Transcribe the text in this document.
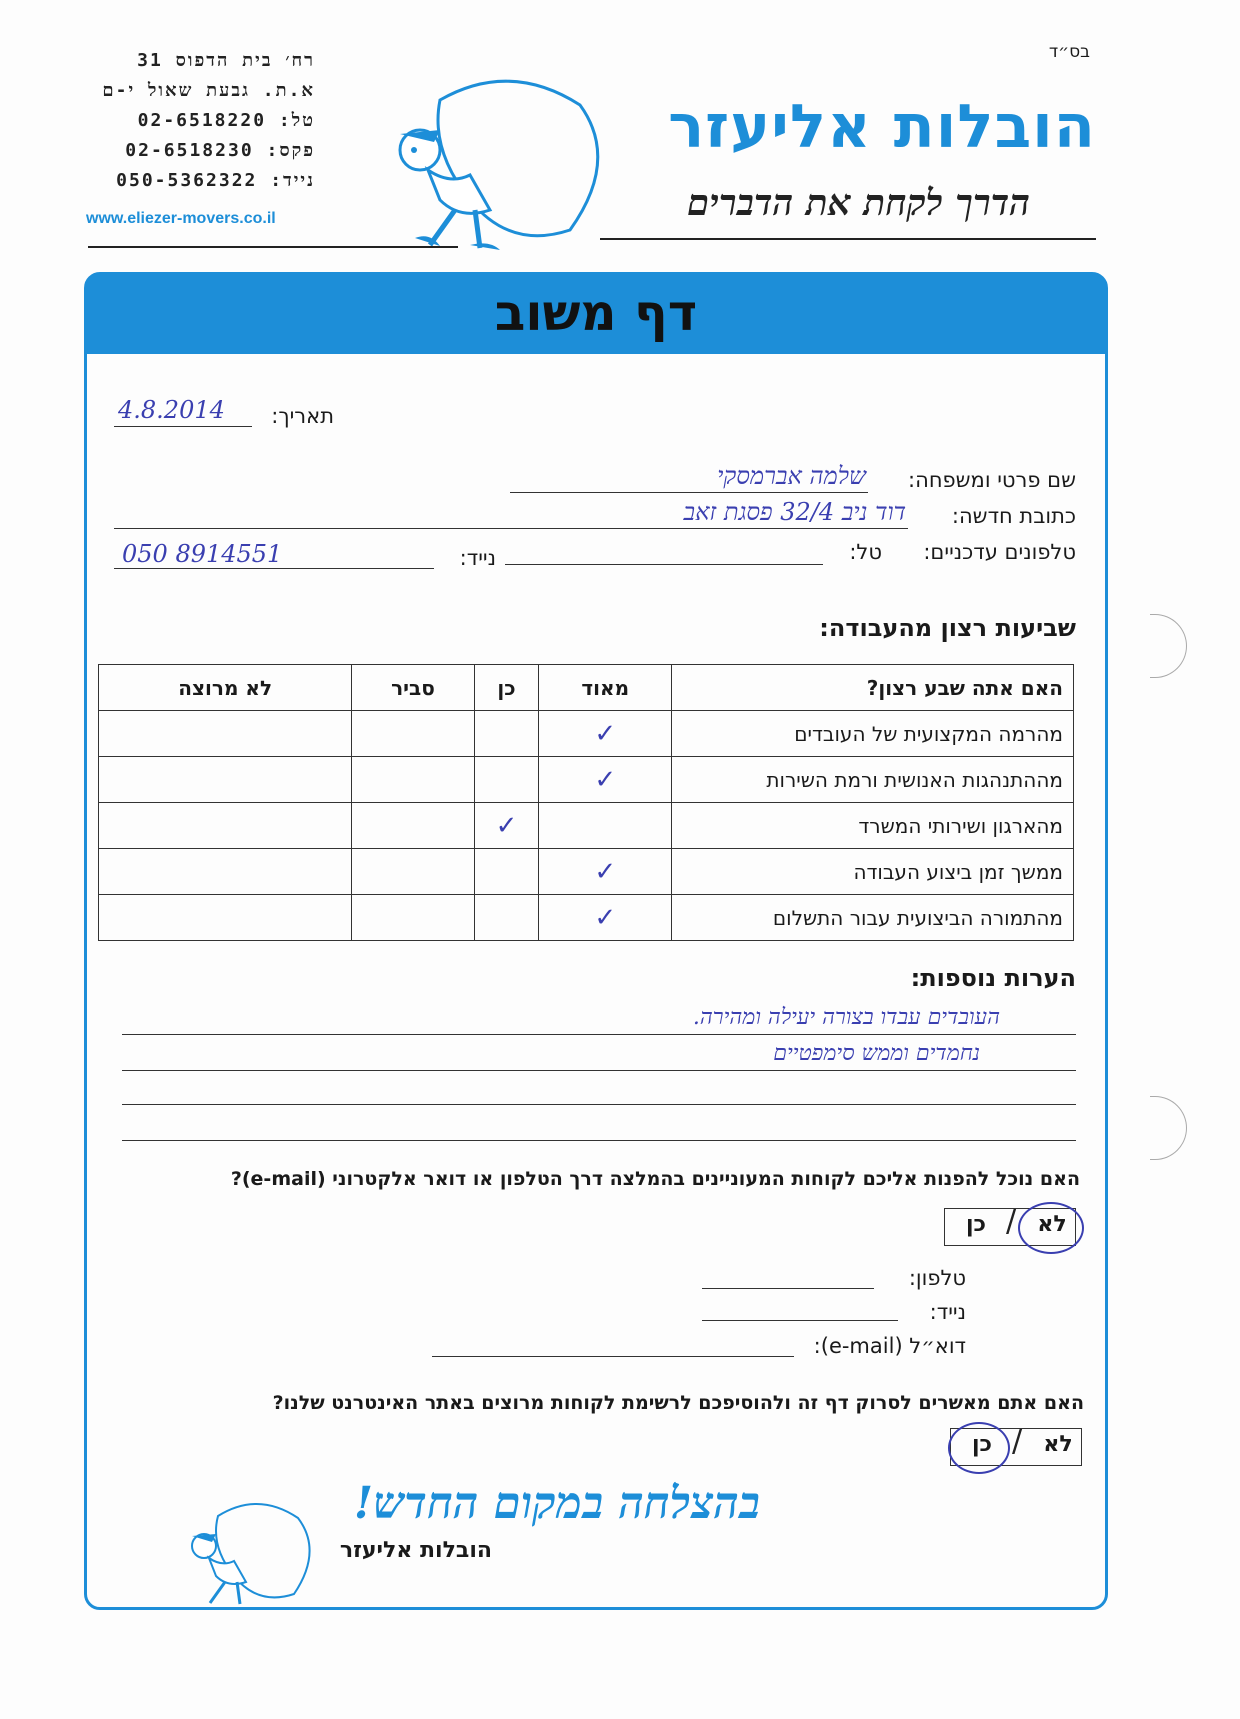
בס״ד
רח׳ בית הדפוס 31
א.ת. גבעת שאול י-ם
טל: 02-6518220
פקס: 02-6518230
נייד: 050-5362322
www.eliezer-movers.co.il
הובלות אליעזר
הדרך לקחת את הדברים
דף משוב
תאריך:
4.8.2014
שם פרטי ומשפחה:
שלמה אברמסקי
כתובת חדשה:
דוד ניב 32/4 פסגת זאב
טלפונים עדכניים:
טל:
נייד:
050 8914551
שביעות רצון מהעבודה:
האם אתה שבע רצון?	מאוד	כן	סביר	לא מרוצה
מהרמה המקצועית של העובדים	✓			
מההתנהגות האנושית ורמת השירות	✓			
מהארגון ושירותי המשרד		✓		
ממשך זמן ביצוע העבודה	✓			
מהתמורה הביצועית עבור התשלום	✓			
הערות נוספות:
העובדים עבדו בצורה יעילה ומהירה.
נחמדים וממש סימפטיים
האם נוכל להפנות אליכם לקוחות המעוניינים בהמלצה דרך הטלפון או דואר אלקטרוני (e-mail)?
לא
/
כן
טלפון:
נייד:
דוא״ל (e-mail):
האם אתם מאשרים לסרוק דף זה ולהוסיפכם לרשימת לקוחות מרוצים באתר האינטרנט שלנו?
לא
/
כן
בהצלחה במקום החדש!
הובלות אליעזר
